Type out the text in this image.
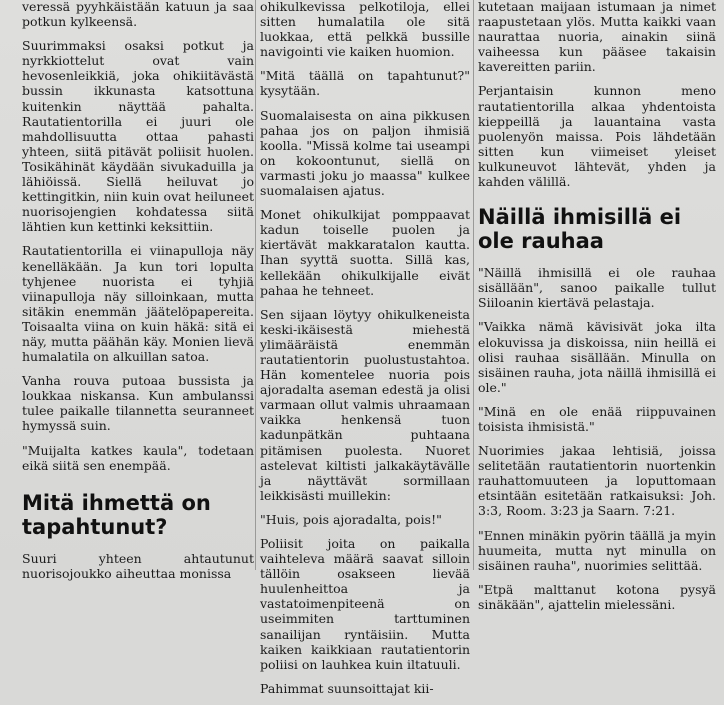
veressä pyyhkäistään katuun ja saa potkun kylkeensä.

Suurimmaksi osaksi potkut ja nyrkkiottelut ovat vain hevosenleikkiä, joka ohikiitävästä bussin ikkunasta katsottuna kuitenkin näyttää pahalta. Rautatientorilla ei juuri ole mahdollisuutta ottaa pahasti yhteen, siitä pitävät poliisit huolen. Tosikähinät käydään sivukaduilla ja lähiöissä. Siellä heiluvat jo kettingitkin, niin kuin ovat heiluneet nuorisojengien kohdatessa siitä lähtien kun kettinki keksittiin.

Rautatientorilla ei viinapulloja näy kenelläkään. Ja kun tori lopulta tyhjenee nuorista ei tyhjiä viinapulloja näy silloinkaan, mutta sitäkin enemmän jäätelöpapereita. Toisaalta viina on kuin häkä: sitä ei näy, mutta päähän käy. Monien lievä humalatila on alkuillan satoa.

Vanha rouva putoaa bussista ja loukkaa niskansa. Kun ambulanssi tulee paikalle tilannetta seuranneet hymyssä suin.

"Muijalta katkes kaula", todetaan eikä siitä sen enempää.

Mitä ihmettä on tapahtunut?

Suuri yhteen ahtautunut nuorisojoukko aiheuttaa monissa

ohikulkevissa pelkotiloja, ellei sitten humalatila ole sitä luokkaa, että pelkkä bussille navigointi vie kaiken huomion.

"Mitä täällä on tapahtunut?" kysytään.

Suomalaisesta on aina pikkusen pahaa jos on paljon ihmisiä koolla. "Missä kolme tai useampi on kokoontunut, siellä on varmasti joku jo maassa" kulkee suomalaisen ajatus.

Monet ohikulkijat pomppaavat kadun toiselle puolen ja kiertävät makkaratalon kautta. Ihan syyttä suotta. Sillä kas, kellekään ohikulkijalle eivät pahaa he tehneet.

Sen sijaan löytyy ohikulkeneista keski-ikäisestä miehestä ylimääräistä enemmän rautatientorin puolustustahtoa. Hän komentelee nuoria pois ajoradalta aseman edestä ja olisi varmaan ollut valmis uhraamaan vaikka henkensä tuon kadunpätkän puhtaana pitämisen puolesta. Nuoret astelevat kiltisti jalkakäytävälle ja näyttävät sormillaan leikkisästi muillekin:

"Huis, pois ajoradalta, pois!"

Poliisit joita on paikalla vaihteleva määrä saavat silloin tällöin osakseen lievää huulenheittoa ja vastatoimenpiteenä on useimmiten tarttuminen sanailijan ryntäisiin. Mutta kaiken kaikkiaan rautatientorin poliisi on lauhkea kuin iltatuuli.

Pahimmat suunsoittajat kii-

kutetaan maijaan istumaan ja nimet raapustetaan ylös. Mutta kaikki vaan naurattaa nuoria, ainakin siinä vaiheessa kun pääsee takaisin kavereitten pariin.

Perjantaisin kunnon meno rautatientorilla alkaa yhdentoista kieppeillä ja lauantaina vasta puolenyön maissa. Pois lähdetään sitten kun viimeiset yleiset kulkuneuvot lähtevät, yhden ja kahden välillä.

Näillä ihmisillä ei ole rauhaa

"Näillä ihmisillä ei ole rauhaa sisällään", sanoo paikalle tullut Siiloanin kiertävä pelastaja.

"Vaikka nämä kävisivät joka ilta elokuvissa ja diskoissa, niin heillä ei olisi rauhaa sisällään. Minulla on sisäinen rauha, jota näillä ihmisillä ei ole."

"Minä en ole enää riippuvainen toisista ihmisistä."

Nuorimies jakaa lehtisiä, joissa selitetään rautatientorin nuortenkin rauhattomuuteen ja loputtomaan etsintään esitetään ratkaisuksi: Joh. 3:3, Room. 3:23 ja Saarn. 7:21.

"Ennen minäkin pyörin täällä ja myin huumeita, mutta nyt minulla on sisäinen rauha", nuorimies selittää.

"Etpä malttanut kotona pysyä sinäkään", ajattelin mielessäni.
